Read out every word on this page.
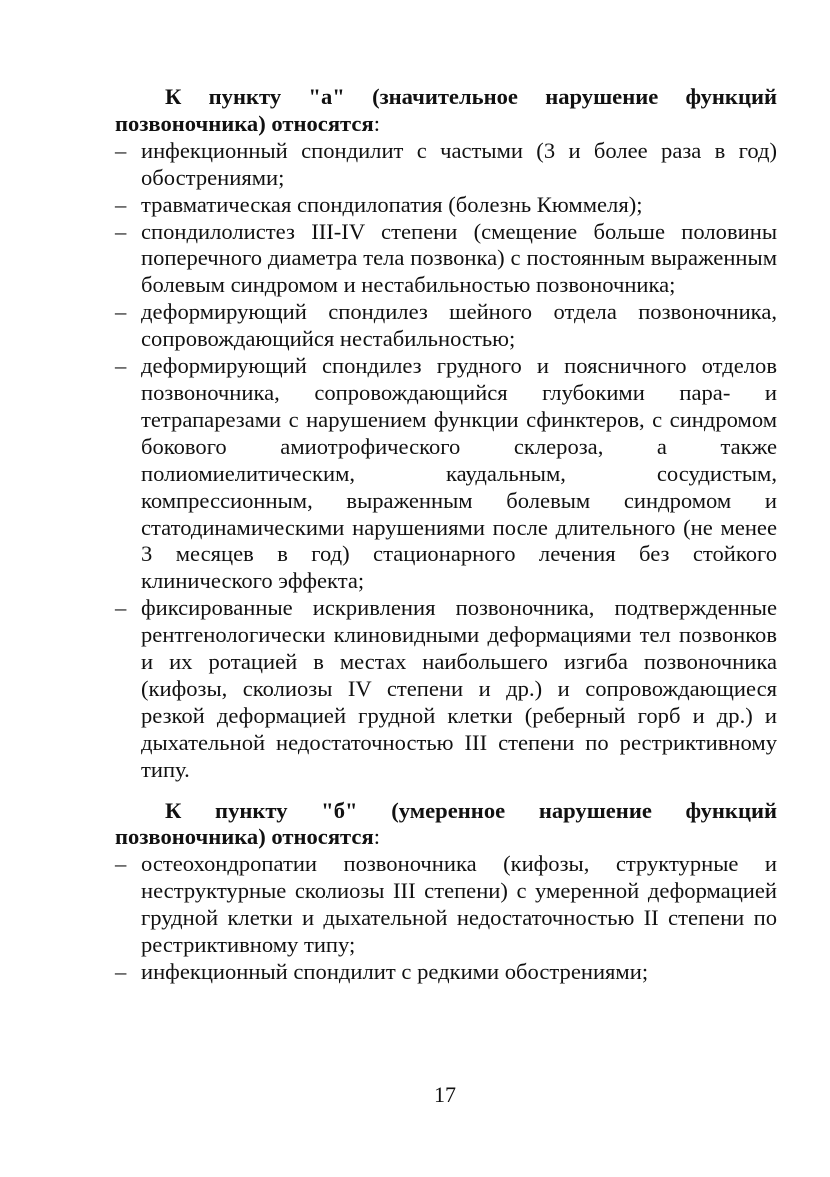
К пункту "а" (значительное нарушение функций позвоночника) относятся:

– инфекционный спондилит с частыми (3 и более раза в год) обострениями;
– травматическая спондилопатия (болезнь Кюммеля);
– спондилолистез III-IV степени (смещение больше половины поперечного диаметра тела позвонка) с постоянным выраженным болевым синдромом и нестабильностью позвоночника;
– деформирующий спондилез шейного отдела позвоночника, сопровождающийся нестабильностью;
– деформирующий спондилез грудного и поясничного отделов позвоночника, сопровождающийся глубокими пара- и тетрапарезами с нарушением функции сфинктеров, с синдромом бокового амиотрофического склероза, а также полиомиелитическим, каудальным, сосудистым, компрессионным, выраженным болевым синдромом и статодинамическими нарушениями после длительного (не менее 3 месяцев в год) стационарного лечения без стойкого клинического эффекта;
– фиксированные искривления позвоночника, подтвержденные рентгенологически клиновидными деформациями тел позвонков и их ротацией в местах наибольшего изгиба позвоночника (кифозы, сколиозы IV степени и др.) и сопровождающиеся резкой деформацией грудной клетки (реберный горб и др.) и дыхательной недостаточностью III степени по рестриктивному типу.

К пункту "б" (умеренное нарушение функций позвоночника) относятся:

– остеохондропатии позвоночника (кифозы, структурные и неструктурные сколиозы III степени) с умеренной деформацией грудной клетки и дыхательной недостаточностью II степени по рестриктивному типу;
– инфекционный спондилит с редкими обострениями;
17
